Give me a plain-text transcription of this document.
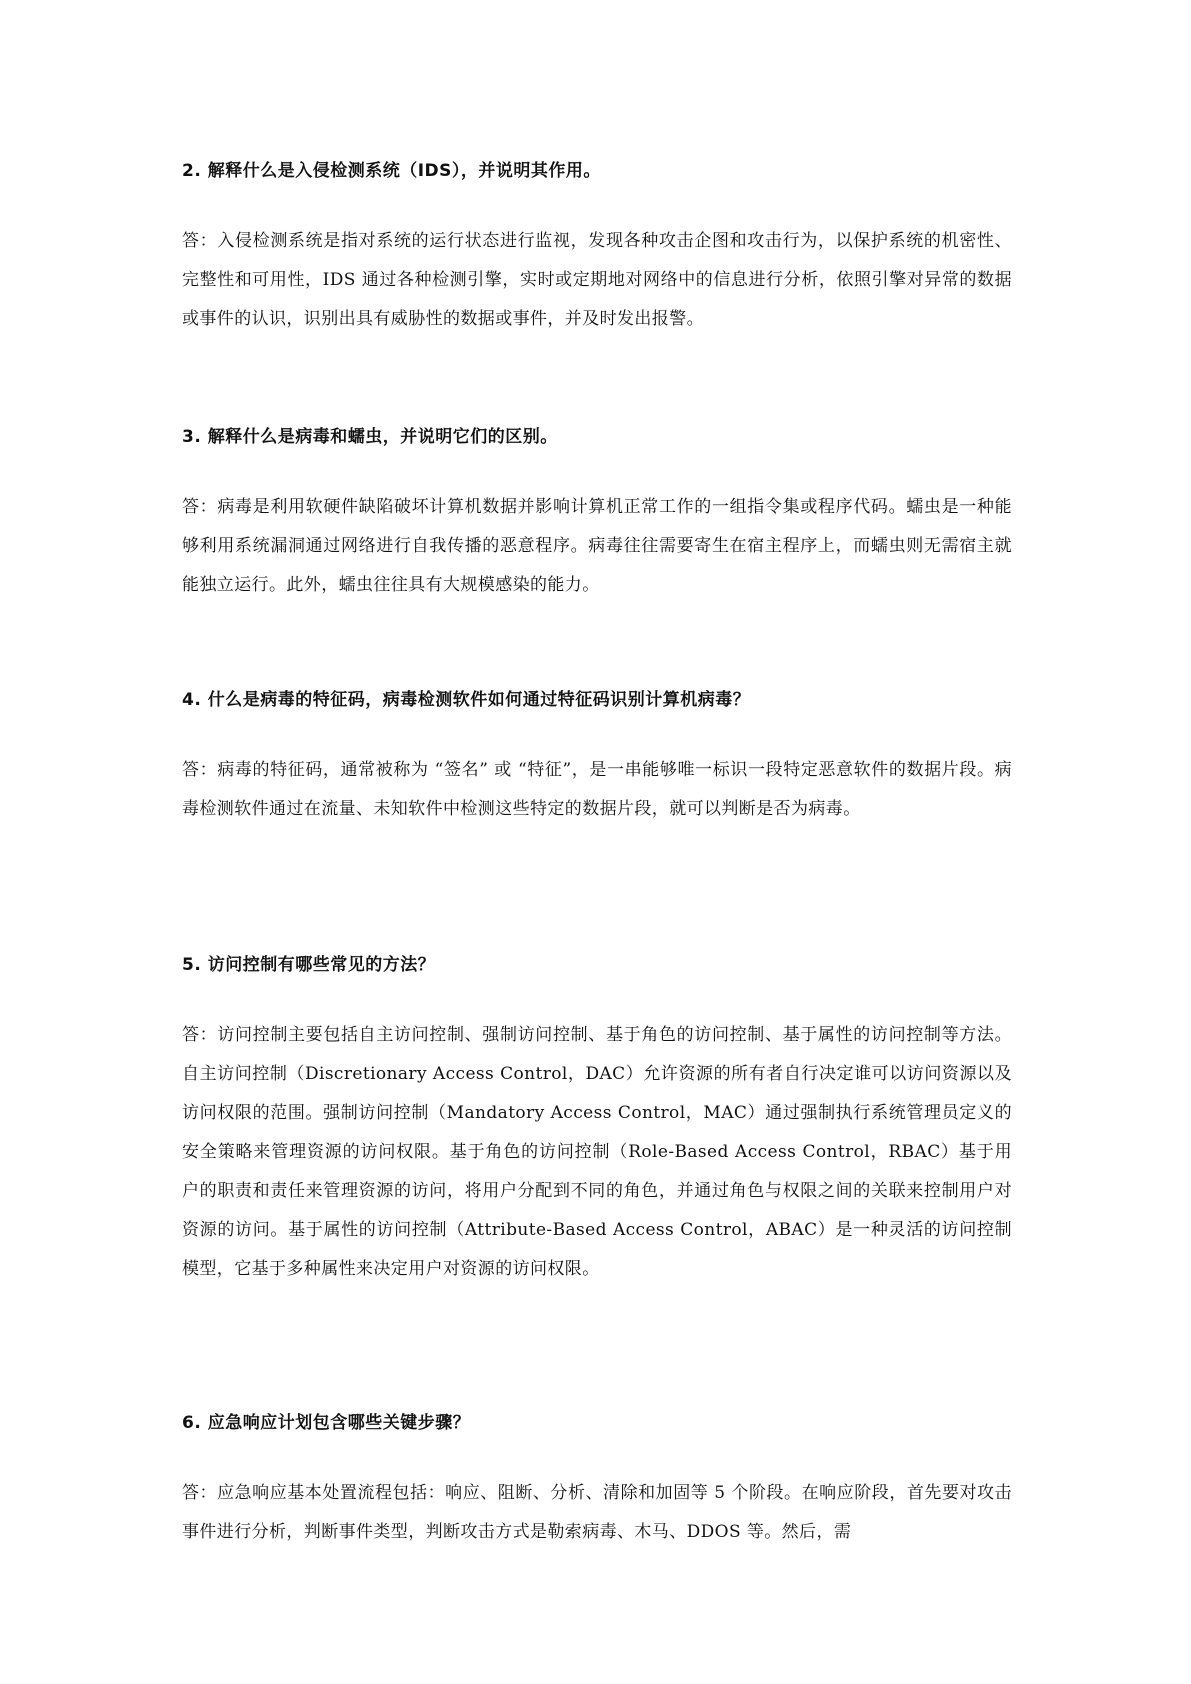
2. 解释什么是入侵检测系统（IDS），并说明其作用。

答：入侵检测系统是指对系统的运行状态进行监视，发现各种攻击企图和攻击行为，以保护系统的机密性、完整性和可用性，IDS 通过各种检测引擎，实时或定期地对网络中的信息进行分析，依照引擎对异常的数据或事件的认识，识别出具有威胁性的数据或事件，并及时发出报警。

3. 解释什么是病毒和蠕虫，并说明它们的区别。

答：病毒是利用软硬件缺陷破坏计算机数据并影响计算机正常工作的一组指令集或程序代码。蠕虫是一种能够利用系统漏洞通过网络进行自我传播的恶意程序。病毒往往需要寄生在宿主程序上，而蠕虫则无需宿主就能独立运行。此外，蠕虫往往具有大规模感染的能力。

4. 什么是病毒的特征码，病毒检测软件如何通过特征码识别计算机病毒？

答：病毒的特征码，通常被称为 “签名” 或 “特征”，是一串能够唯一标识一段特定恶意软件的数据片段。病毒检测软件通过在流量、未知软件中检测这些特定的数据片段，就可以判断是否为病毒。

5. 访问控制有哪些常见的方法？

答：访问控制主要包括自主访问控制、强制访问控制、基于角色的访问控制、基于属性的访问控制等方法。自主访问控制（Discretionary Access Control，DAC）允许资源的所有者自行决定谁可以访问资源以及访问权限的范围。强制访问控制（Mandatory Access Control，MAC）通过强制执行系统管理员定义的安全策略来管理资源的访问权限。基于角色的访问控制（Role-Based Access Control，RBAC）基于用户的职责和责任来管理资源的访问，将用户分配到不同的角色，并通过角色与权限之间的关联来控制用户对资源的访问。基于属性的访问控制（Attribute-Based Access Control，ABAC）是一种灵活的访问控制模型，它基于多种属性来决定用户对资源的访问权限。

6. 应急响应计划包含哪些关键步骤？

答：应急响应基本处置流程包括：响应、阻断、分析、清除和加固等 5 个阶段。在响应阶段，首先要对攻击事件进行分析，判断事件类型，判断攻击方式是勒索病毒、木马、DDOS 等。然后，需
